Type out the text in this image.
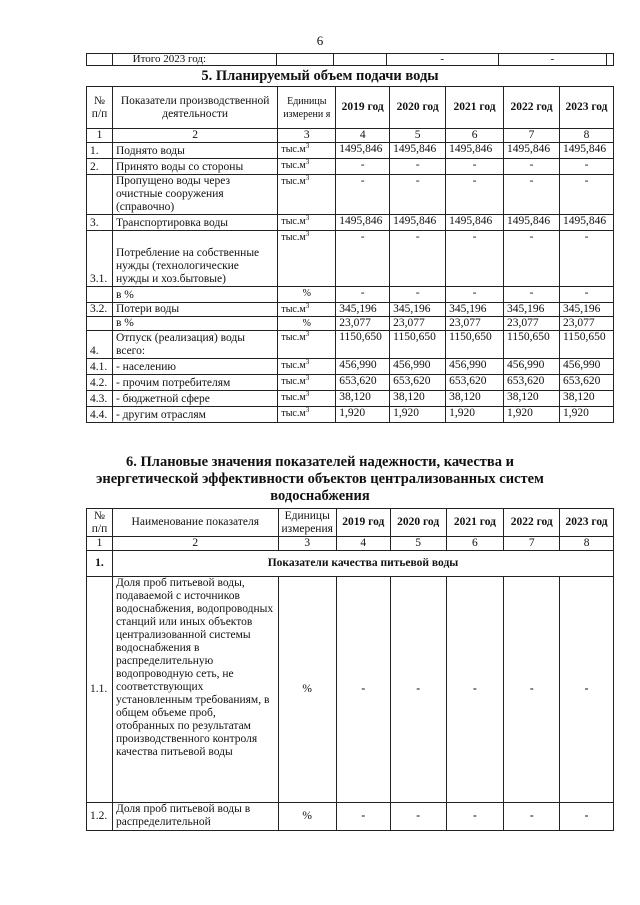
6
	Итого 2023 год:			-	-	
5. Планируемый объем подачи воды
№ п/п	Показатели производственной деятельности	Единицы измерени я	2019 год	2020 год	2021 год	2022 год	2023 год
1	2	3	4	5	6	7	8
1.	Поднято воды	$тыс.м^3$	1495,846	1495,846	1495,846	1495,846	1495,846
2.	Принято воды со стороны	$тыс.м^3$	-	-	-	-	-
	Пропущено воды через очистные сооружения (справочно)	$тыс.м^3$	-	-	-	-	-
3.	Транспортировка воды	$тыс.м^3$	1495,846	1495,846	1495,846	1495,846	1495,846
3.1.	Потребление на собственные нужды (технологические нужды и хоз.бытовые)	$тыс.м^3$	-	-	-	-	-
	в %	%	-	-	-	-	-
3.2.	Потери воды	$тыс.м^3$	345,196	345,196	345,196	345,196	345,196
	в %	%	23,077	23,077	23,077	23,077	23,077
4.	Отпуск (реализация) воды всего:	$тыс.м^3$	1150,650	1150,650	1150,650	1150,650	1150,650
4.1.	- населению	$тыс.м^3$	456,990	456,990	456,990	456,990	456,990
4.2.	- прочим потребителям	$тыс.м^3$	653,620	653,620	653,620	653,620	653,620
4.3.	- бюджетной сфере	$тыс.м^3$	38,120	38,120	38,120	38,120	38,120
4.4.	- другим отраслям	$тыс.м^3$	1,920	1,920	1,920	1,920	1,920
6. Плановые значения показателей надежности, качества и
энергетической эффективности объектов централизованных систем
водоснабжения
№ п/п	Наименование показателя	Единицы измерения	2019 год	2020 год	2021 год	2022 год	2023 год
1	2	3	4	5	6	7	8
1.	Показатели качества питьевой воды						
1.1.	Доля проб питьевой воды, подаваемой с источников водоснабжения, водопроводных станций или иных объектов централизованной системы водоснабжения в распределительную водопроводную сеть, не соответствующих установленным требованиям, в общем объеме проб, отобранных по результатам производственного контроля качества питьевой воды	%	-	-	-	-	-
1.2.	Доля проб питьевой воды в распределительной	%	-	-	-	-	-
